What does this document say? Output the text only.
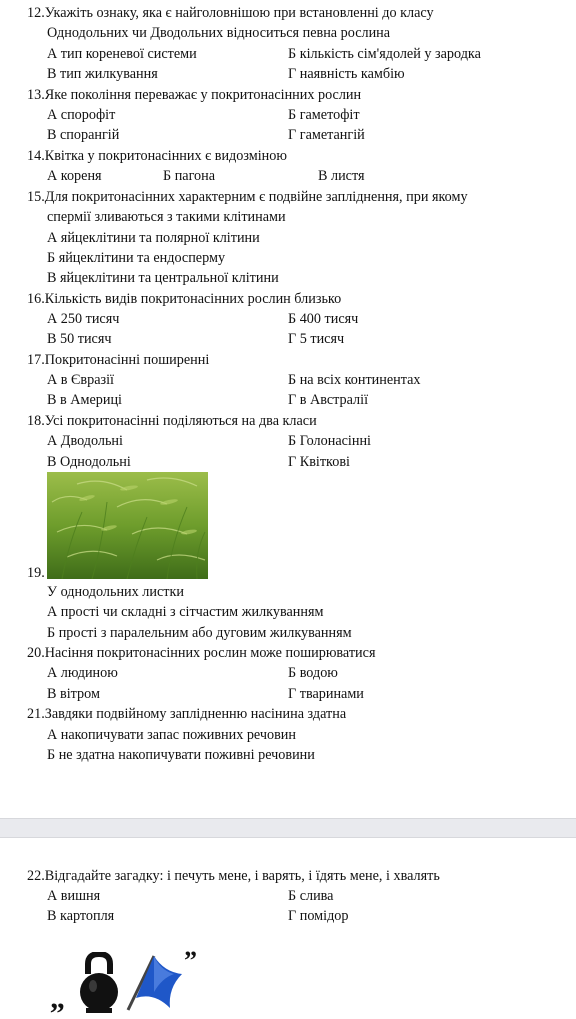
12.Укажіть ознаку, яка є найголовнішою при встановленні до класу
Однодольних чи Дводольних відноситься певна рослина
А тип кореневої системи	Б кількість сім'ядолей у зародка
В тип жилкування	Г наявність камбію
13.Яке покоління переважає у покритонасінних рослин
А спорофіт	Б гаметофіт
В спорангій	Г гаметангій
14.Квітка у покритонасінних є видозміною
А кореня	Б пагона	В листя
15.Для покритонасінних характерним є подвійне запліднення, при якому
спермії зливаються з такими клітинами
А яйцеклітини та полярної клітини
Б яйцеклітини та ендосперму
В яйцеклітини та центральної клітини
16.Кількість видів покритонасінних рослин близько
А 250 тисяч	Б 400 тисяч
В 50 тисяч	Г 5 тисяч
17.Покритонасінні поширенні
А в Євразії	Б на всіх континентах
В в Америці	Г в Австралії
18.Усі покритонасінні поділяються на два класи
А Дводольні	Б Голонасінні
В Однодольні	Г Квіткові
19.
У однодольних листки
А прості чи складні з сітчастим жилкуванням
Б прості з паралельним або дуговим жилкуванням
20.Насіння покритонасінних рослин може поширюватися
А людиною	Б водою
В вітром	Г тваринами
21.Завдяки подвійному заплідненню насінина здатна
А накопичувати запас поживних речовин
Б не здатна накопичувати поживні речовини
22.Відгадайте загадку: і печуть мене, і варять, і їдять мене, і хвалять
А вишня	Б слива
В картопля	Г помідор
„
”
